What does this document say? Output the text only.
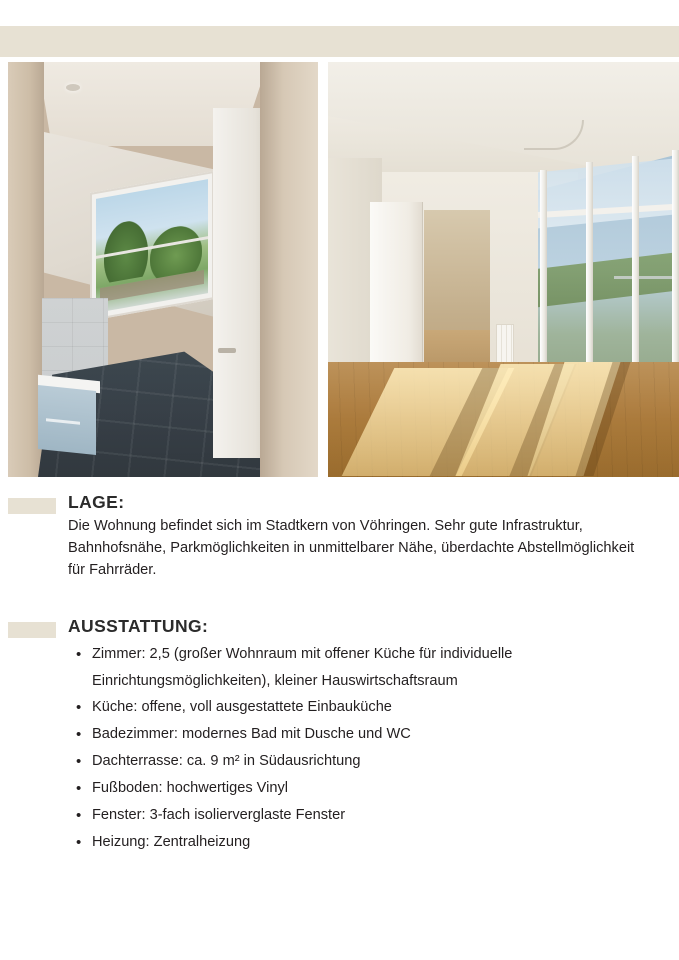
LAGE:

Die Wohnung befindet sich im Stadtkern von Vöhringen. Sehr gute Infrastruktur, Bahnhofsnähe, Parkmöglichkeiten in unmittelbarer Nähe, überdachte Abstellmöglichkeit für Fahrräder.

AUSSTATTUNG:
• Zimmer: 2,5 (großer Wohnraum mit offener Küche für individuelle Einrichtungsmöglichkeiten), kleiner Hauswirtschaftsraum
• Küche: offene, voll ausgestattete Einbauküche
• Badezimmer: modernes Bad mit Dusche und WC
• Dachterrasse: ca. 9 m² in Südausrichtung
• Fußboden: hochwertiges Vinyl
• Fenster: 3-fach isolierverglaste Fenster
• Heizung: Zentralheizung
